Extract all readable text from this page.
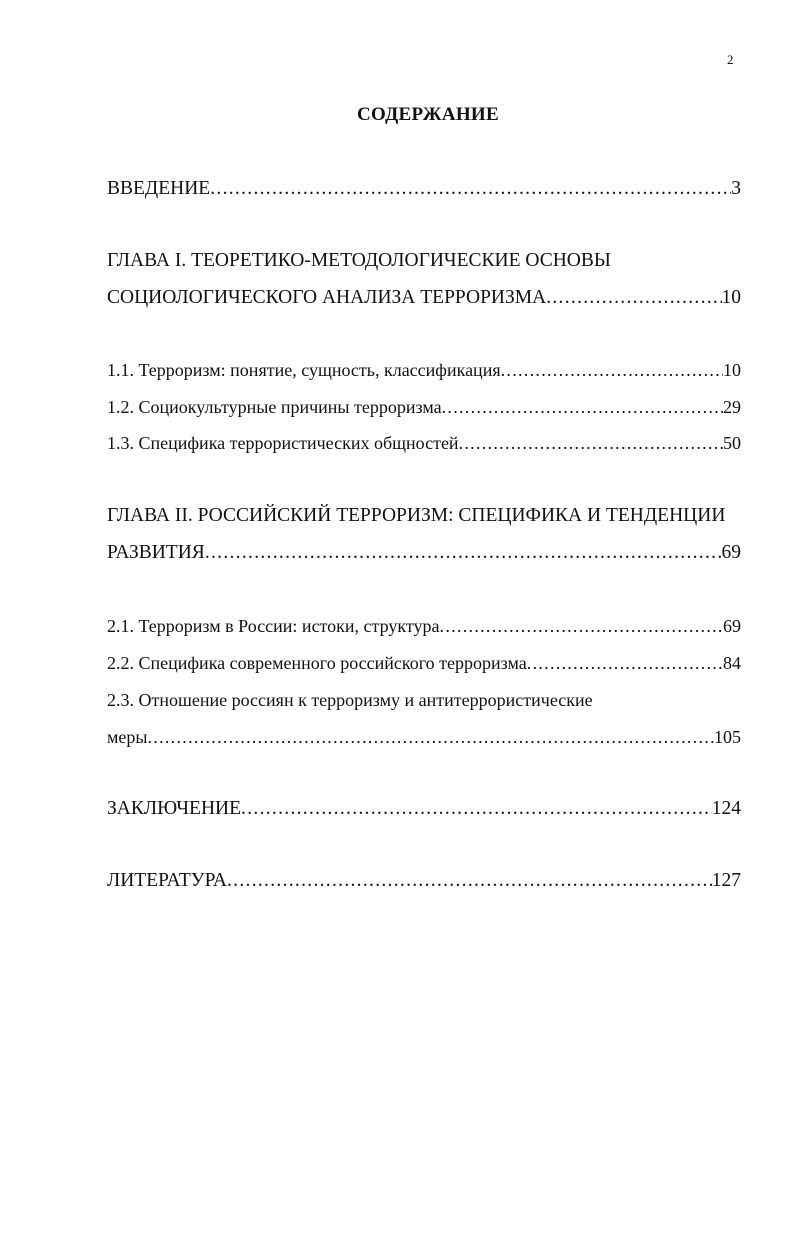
2
СОДЕРЖАНИЕ
ВВЕДЕНИЕ .....	3
ГЛАВА I. ТЕОРЕТИКО-МЕТОДОЛОГИЧЕСКИЕ ОСНОВЫ
СОЦИОЛОГИЧЕСКОГО АНАЛИЗА ТЕРРОРИЗМА .....	10
1.1. Терроризм: понятие, сущность, классификация .....	10
1.2. Социокультурные причины терроризма .....	29
1.3. Специфика террористических общностей .....	50
ГЛАВА II. РОССИЙСКИЙ ТЕРРОРИЗМ: СПЕЦИФИКА И ТЕНДЕНЦИИ
РАЗВИТИЯ .....	69
2.1. Терроризм в России: истоки, структура .....	69
2.2. Специфика современного российского терроризма .....	84
2.3. Отношение россиян к терроризму и антитеррористические
меры .....	105
ЗАКЛЮЧЕНИЕ .....	124
ЛИТЕРАТУРА .....	127
